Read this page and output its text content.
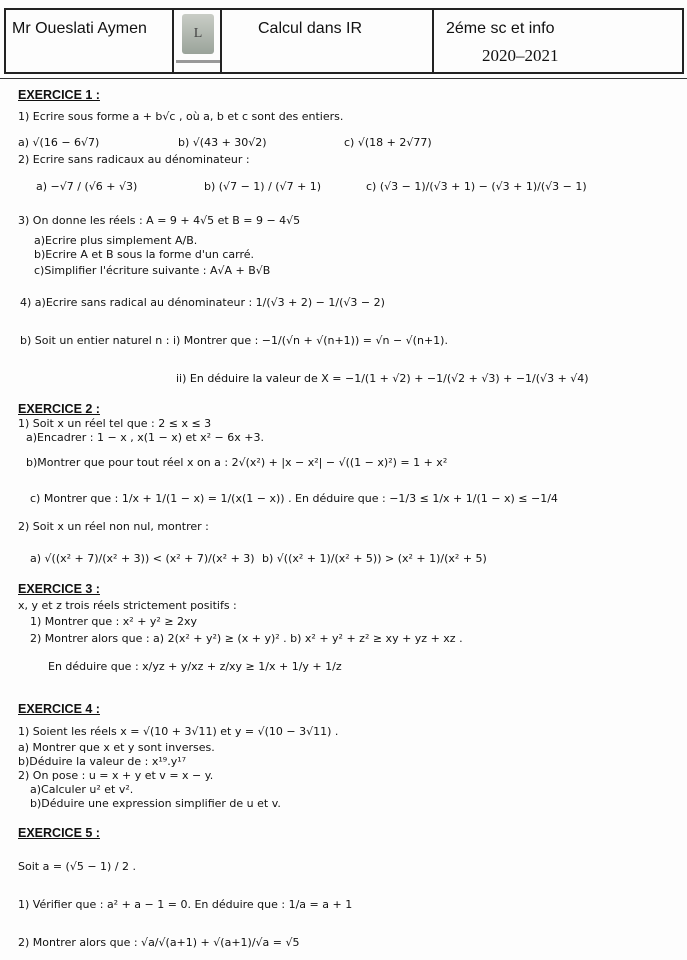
Mr Oueslati Aymen	L	Calcul dans IR	2éme sc et info
2020–2021
EXERCICE 1 :
1) Ecrire sous forme a + b√c , où a, b et c sont des entiers.
a) √(16 − 6√7)	b) √(43 + 30√2)	c) √(18 + 2√77)
2) Ecrire sans radicaux au dénominateur :
a) −√7 / (√6 + √3)	b) (√7 − 1) / (√7 + 1)	c) (√3 − 1)/(√3 + 1) − (√3 + 1)/(√3 − 1)
3) On donne les réels : A = 9 + 4√5 et B = 9 − 4√5
a)Ecrire plus simplement A/B.
b)Ecrire A et B sous la forme d'un carré.
c)Simplifier l'écriture suivante : A√A + B√B
4) a)Ecrire sans radical au dénominateur : 1/(√3 + 2) − 1/(√3 − 2)
b) Soit un entier naturel n : i) Montrer que : −1/(√n + √(n+1)) = √n − √(n+1).
ii) En déduire la valeur de X = −1/(1 + √2) + −1/(√2 + √3) + −1/(√3 + √4)
EXERCICE 2 :
1) Soit x un réel tel que : 2 ≤ x ≤ 3
a)Encadrer : 1 − x , x(1 − x) et x² − 6x +3.
b)Montrer que pour tout réel x on a : 2√(x²) + |x − x²| − √((1 − x)²) = 1 + x²
c) Montrer que : 1/x + 1/(1 − x) = 1/(x(1 − x)) . En déduire que : −1/3 ≤ 1/x + 1/(1 − x) ≤ −1/4
2) Soit x un réel non nul, montrer :
a) √((x² + 7)/(x² + 3)) < (x² + 7)/(x² + 3) b) √((x² + 1)/(x² + 5)) > (x² + 1)/(x² + 5)
EXERCICE 3 :
x, y et z trois réels strictement positifs :
1) Montrer que : x² + y² ≥ 2xy
2) Montrer alors que : a) 2(x² + y²) ≥ (x + y)² . b) x² + y² + z² ≥ xy + yz + xz .
En déduire que : x/yz + y/xz + z/xy ≥ 1/x + 1/y + 1/z
EXERCICE 4 :
1) Soient les réels x = √(10 + 3√11) et y = √(10 − 3√11) .
a) Montrer que x et y sont inverses.
b)Déduire la valeur de : x¹⁹.y¹⁷
2) On pose : u = x + y et v = x − y.
a)Calculer u² et v².
b)Déduire une expression simplifier de u et v.
EXERCICE 5 :
Soit a = (√5 − 1) / 2 .
1) Vérifier que : a² + a − 1 = 0. En déduire que : 1/a = a + 1
2) Montrer alors que : √a/√(a+1) + √(a+1)/√a = √5
